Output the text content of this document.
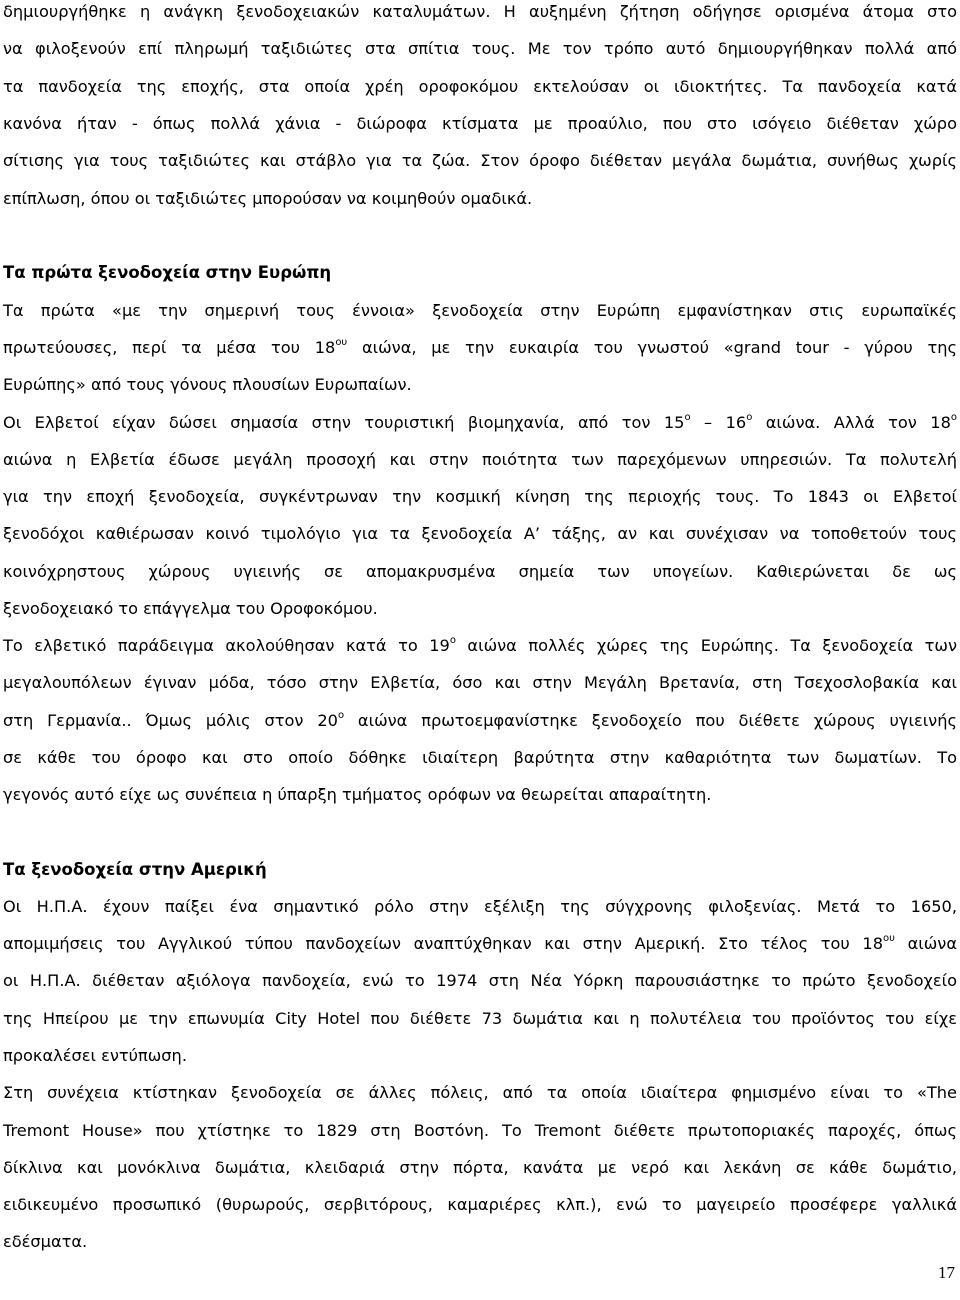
δημιουργήθηκε η ανάγκη ξενοδοχειακών καταλυμάτων. Η αυξημένη ζήτηση οδήγησε ορισμένα άτομα στο
να φιλοξενούν επί πληρωμή ταξιδιώτες στα σπίτια τους. Με τον τρόπο αυτό δημιουργήθηκαν πολλά από
τα πανδοχεία της εποχής, στα οποία χρέη οροφοκόμου εκτελούσαν οι ιδιοκτήτες. Τα πανδοχεία κατά
κανόνα ήταν - όπως πολλά χάνια - διώροφα κτίσματα με προαύλιο, που στο ισόγειο διέθεταν χώρο
σίτισης για τους ταξιδιώτες και στάβλο για τα ζώα. Στον όροφο διέθεταν μεγάλα δωμάτια, συνήθως χωρίς
επίπλωση, όπου οι ταξιδιώτες μπορούσαν να κοιμηθούν ομαδικά.
Τα πρώτα ξενοδοχεία στην Ευρώπη
Τα πρώτα «με την σημερινή τους έννοια» ξενοδοχεία στην Ευρώπη εμφανίστηκαν στις ευρωπαϊκές
πρωτεύουσες, περί τα μέσα του $18^{o\upsilon}$ αιώνα, με την ευκαιρία του γνωστού «grand tour - γύρου της
Ευρώπης» από τους γόνους πλουσίων Ευρωπαίων.
Οι Ελβετοί είχαν δώσει σημασία στην τουριστική βιομηχανία, από τον $15^o - 16^o$ αιώνα. Αλλά τον $18^o$
αιώνα η Ελβετία έδωσε μεγάλη προσοχή και στην ποιότητα των παρεχόμενων υπηρεσιών. Τα πολυτελή
για την εποχή ξενοδοχεία, συγκέντρωναν την κοσμική κίνηση της περιοχής τους. Το 1843 οι Ελβετοί
ξενοδόχοι καθιέρωσαν κοινό τιμολόγιο για τα ξενοδοχεία Α’ τάξης, αν και συνέχισαν να τοποθετούν τους
κοινόχρηστους χώρους υγιεινής σε απομακρυσμένα σημεία των υπογείων. Καθιερώνεται δε ως
ξενοδοχειακό το επάγγελμα του Οροφοκόμου.
Το ελβετικό παράδειγμα ακολούθησαν κατά το $19^o$ αιώνα πολλές χώρες της Ευρώπης. Τα ξενοδοχεία των
μεγαλουπόλεων έγιναν μόδα, τόσο στην Ελβετία, όσο και στην Μεγάλη Βρετανία, στη Τσεχοσλοβακία και
στη Γερμανία.. Όμως μόλις στον $20^o$ αιώνα πρωτοεμφανίστηκε ξενοδοχείο που διέθετε χώρους υγιεινής
σε κάθε του όροφο και στο οποίο δόθηκε ιδιαίτερη βαρύτητα στην καθαριότητα των δωματίων. Το
γεγονός αυτό είχε ως συνέπεια η ύπαρξη τμήματος ορόφων να θεωρείται απαραίτητη.
Τα ξενοδοχεία στην Αμερική
Οι Η.Π.Α. έχουν παίξει ένα σημαντικό ρόλο στην εξέλιξη της σύγχρονης φιλοξενίας. Μετά το 1650,
απομιμήσεις του Αγγλικού τύπου πανδοχείων αναπτύχθηκαν και στην Αμερική. Στο τέλος του $18^{o\upsilon}$ αιώνα
οι Η.Π.Α. διέθεταν αξιόλογα πανδοχεία, ενώ το 1974 στη Νέα Υόρκη παρουσιάστηκε το πρώτο ξενοδοχείο
της Ηπείρου με την επωνυμία City Hotel που διέθετε 73 δωμάτια και η πολυτέλεια του προϊόντος του είχε
προκαλέσει εντύπωση.
Στη συνέχεια κτίστηκαν ξενοδοχεία σε άλλες πόλεις, από τα οποία ιδιαίτερα φημισμένο είναι το «The
Tremont House» που χτίστηκε το 1829 στη Βοστόνη. Το Tremont διέθετε πρωτοποριακές παροχές, όπως
δίκλινα και μονόκλινα δωμάτια, κλειδαριά στην πόρτα, κανάτα με νερό και λεκάνη σε κάθε δωμάτιο,
ειδικευμένο προσωπικό (θυρωρούς, σερβιτόρους, καμαριέρες κλπ.), ενώ το μαγειρείο προσέφερε γαλλικά
εδέσματα.
17
